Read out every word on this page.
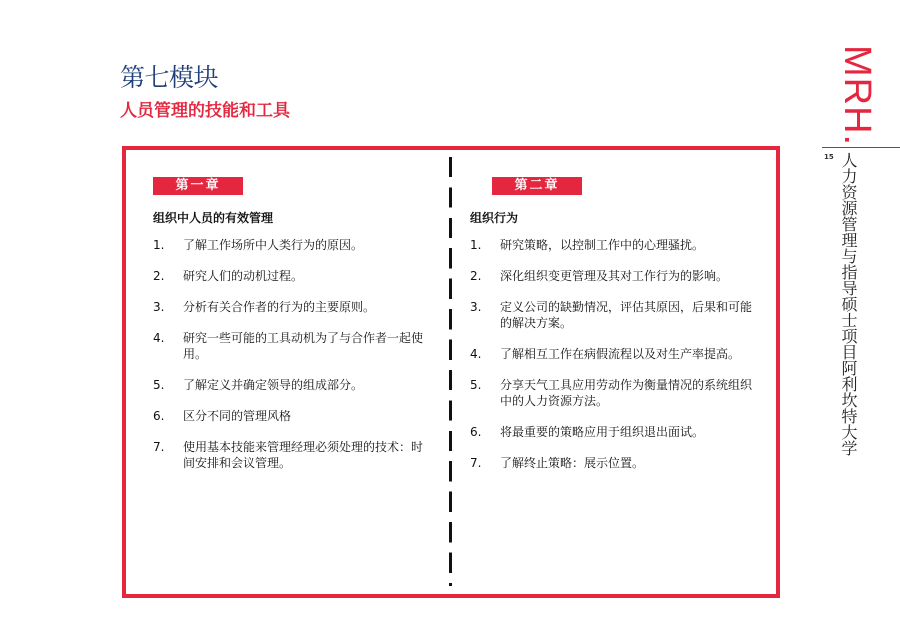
第七模块
人员管理的技能和工具	MRH.
15 人力资源管理与指导硕士项目阿利坎特大学
第一章
组织中人员的有效管理
1.	了解工作场所中人类行为的原因。
2.	研究人们的动机过程。
3.	分析有关合作者的行为的主要原则。
4.	研究一些可能的工具动机为了与合作者一起使用。
5.	了解定义并确定领导的组成部分。
6.	区分不同的管理风格
7.	使用基本技能来管理经理必须处理的技术：时间安排和会议管理。
第二章
组织行为
1.	研究策略，以控制工作中的心理骚扰。
2.	深化组织变更管理及其对工作行为的影响。
3.	定义公司的缺勤情况，评估其原因，后果和可能的解决方案。
4.	了解相互工作在病假流程以及对生产率提高。
5.	分享天气工具应用劳动作为衡量情况的系统组织中的人力资源方法。
6.	将最重要的策略应用于组织退出面试。
7.	了解终止策略：展示位置。
